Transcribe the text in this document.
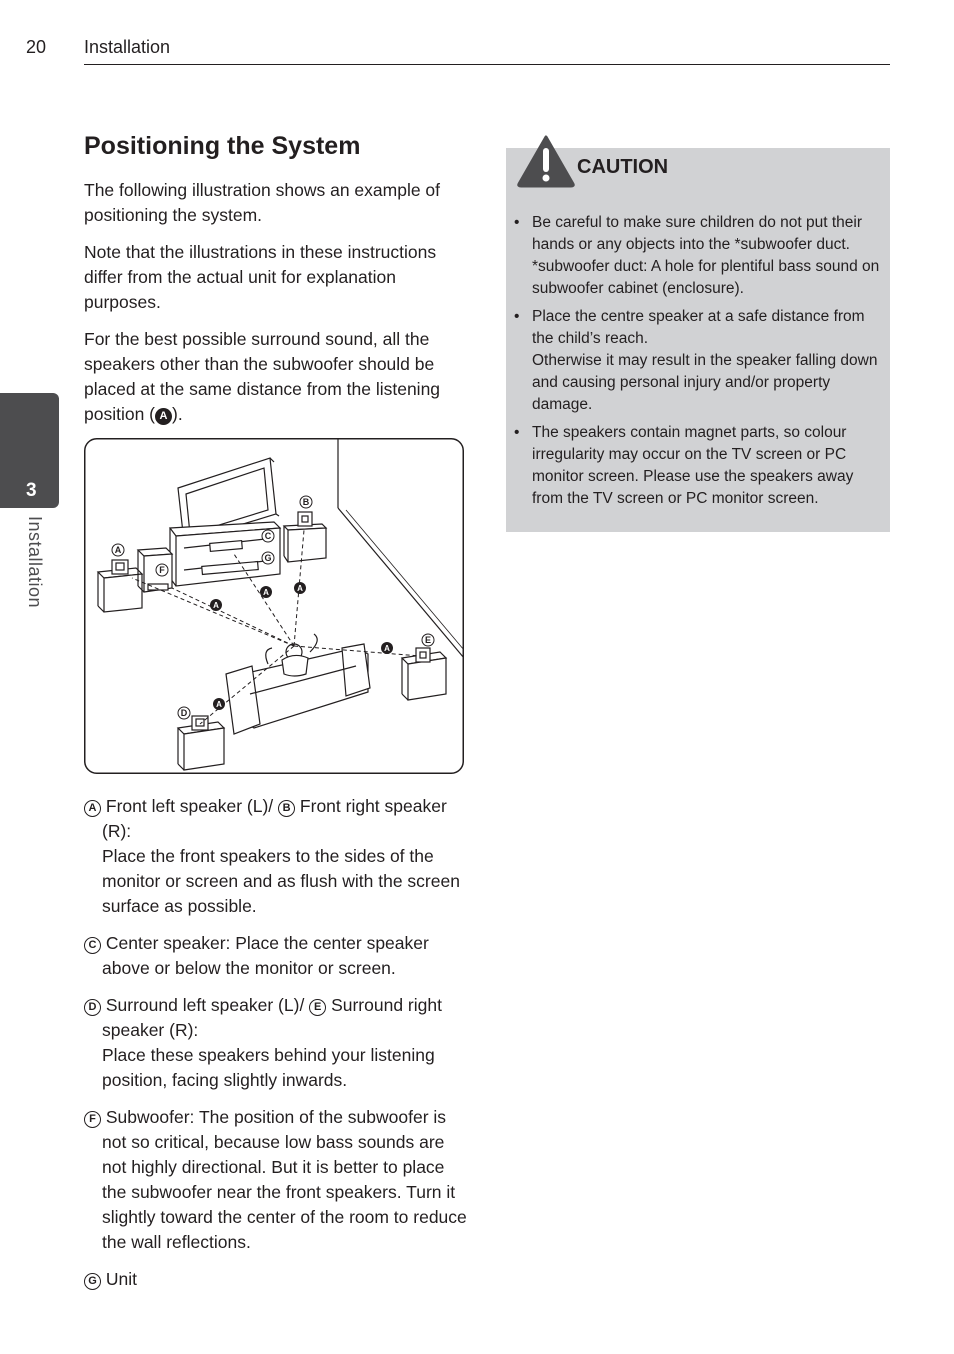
20 Installation
3
Installation
Positioning the System

The following illustration shows an example of positioning the system.

Note that the illustrations in these instructions differ from the actual unit for explanation purposes.

For the best possible surround sound, all the speakers other than the subwoofer should be placed at the same distance from the listening position ( A ).

A
B
C
G
F
E
D
A
A	A
A
A
A Front left speaker (L)/ B Front right speaker (R):
Place the front speakers to the sides of the monitor or screen and as flush with the screen surface as possible.
C Center speaker: Place the center speaker above or below the monitor or screen.
D Surround left speaker (L)/ E Surround right speaker (R):
Place these speakers behind your listening position, facing slightly inwards.
F Subwoofer: The position of the subwoofer is not so critical, because low bass sounds are not highly directional. But it is better to place the subwoofer near the front speakers. Turn it slightly toward the center of the room to reduce the wall reflections.
G Unit
CAUTION
• Be careful to make sure children do not put their hands or any objects into the *subwoofer duct.
*subwoofer duct: A hole for plentiful bass sound on subwoofer cabinet (enclosure).
• Place the centre speaker at a safe distance from the child’s reach.
Otherwise it may result in the speaker falling down and causing personal injury and/or property damage.
• The speakers contain magnet parts, so colour irregularity may occur on the TV screen or PC monitor screen. Please use the speakers away from the TV screen or PC monitor screen.
